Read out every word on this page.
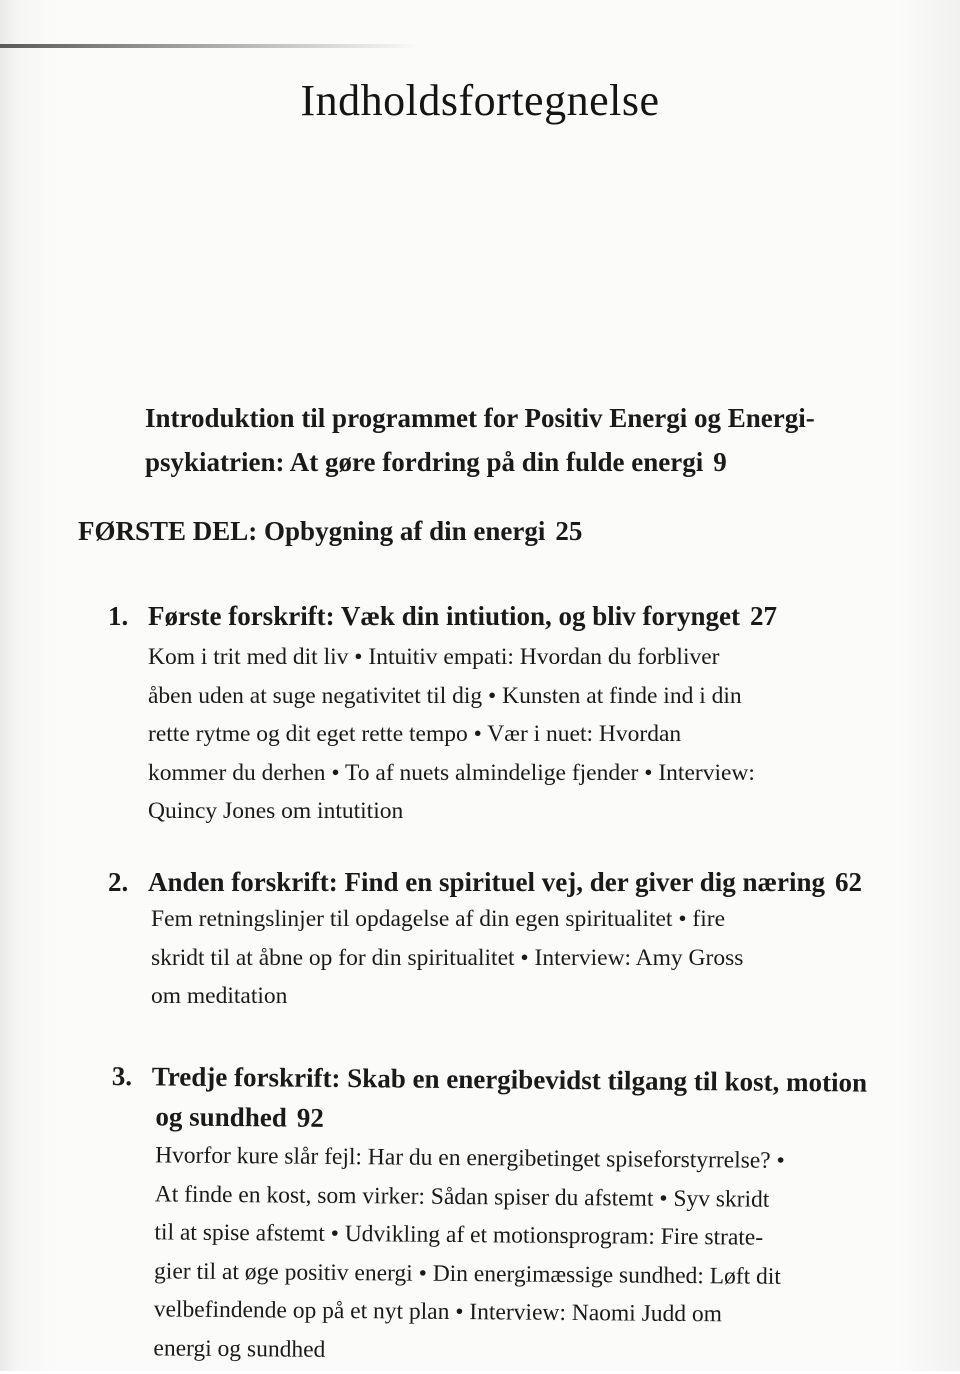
Indholdsfortegnelse
Introduktion til programmet for Positiv Energi og Energi-
psykiatrien: At gøre fordring på din fulde energi 9
FØRSTE DEL: Opbygning af din energi 25
1. Første forskrift: Væk din intiution, og bliv forynget 27
Kom i trit med dit liv • Intuitiv empati: Hvordan du forbliver
åben uden at suge negativitet til dig • Kunsten at finde ind i din
rette rytme og dit eget rette tempo • Vær i nuet: Hvordan
kommer du derhen • To af nuets almindelige fjender • Interview:
Quincy Jones om intutition
2. Anden forskrift: Find en spirituel vej, der giver dig næring 62
Fem retningslinjer til opdagelse af din egen spiritualitet • fire
skridt til at åbne op for din spiritualitet • Interview: Amy Gross
om meditation
3. Tredje forskrift: Skab en energibevidst tilgang til kost, motion
og sundhed 92
Hvorfor kure slår fejl: Har du en energibetinget spiseforstyrrelse? •
At finde en kost, som virker: Sådan spiser du afstemt • Syv skridt
til at spise afstemt • Udvikling af et motionsprogram: Fire strate-
gier til at øge positiv energi • Din energimæssige sundhed: Løft dit
velbefindende op på et nyt plan • Interview: Naomi Judd om
energi og sundhed
